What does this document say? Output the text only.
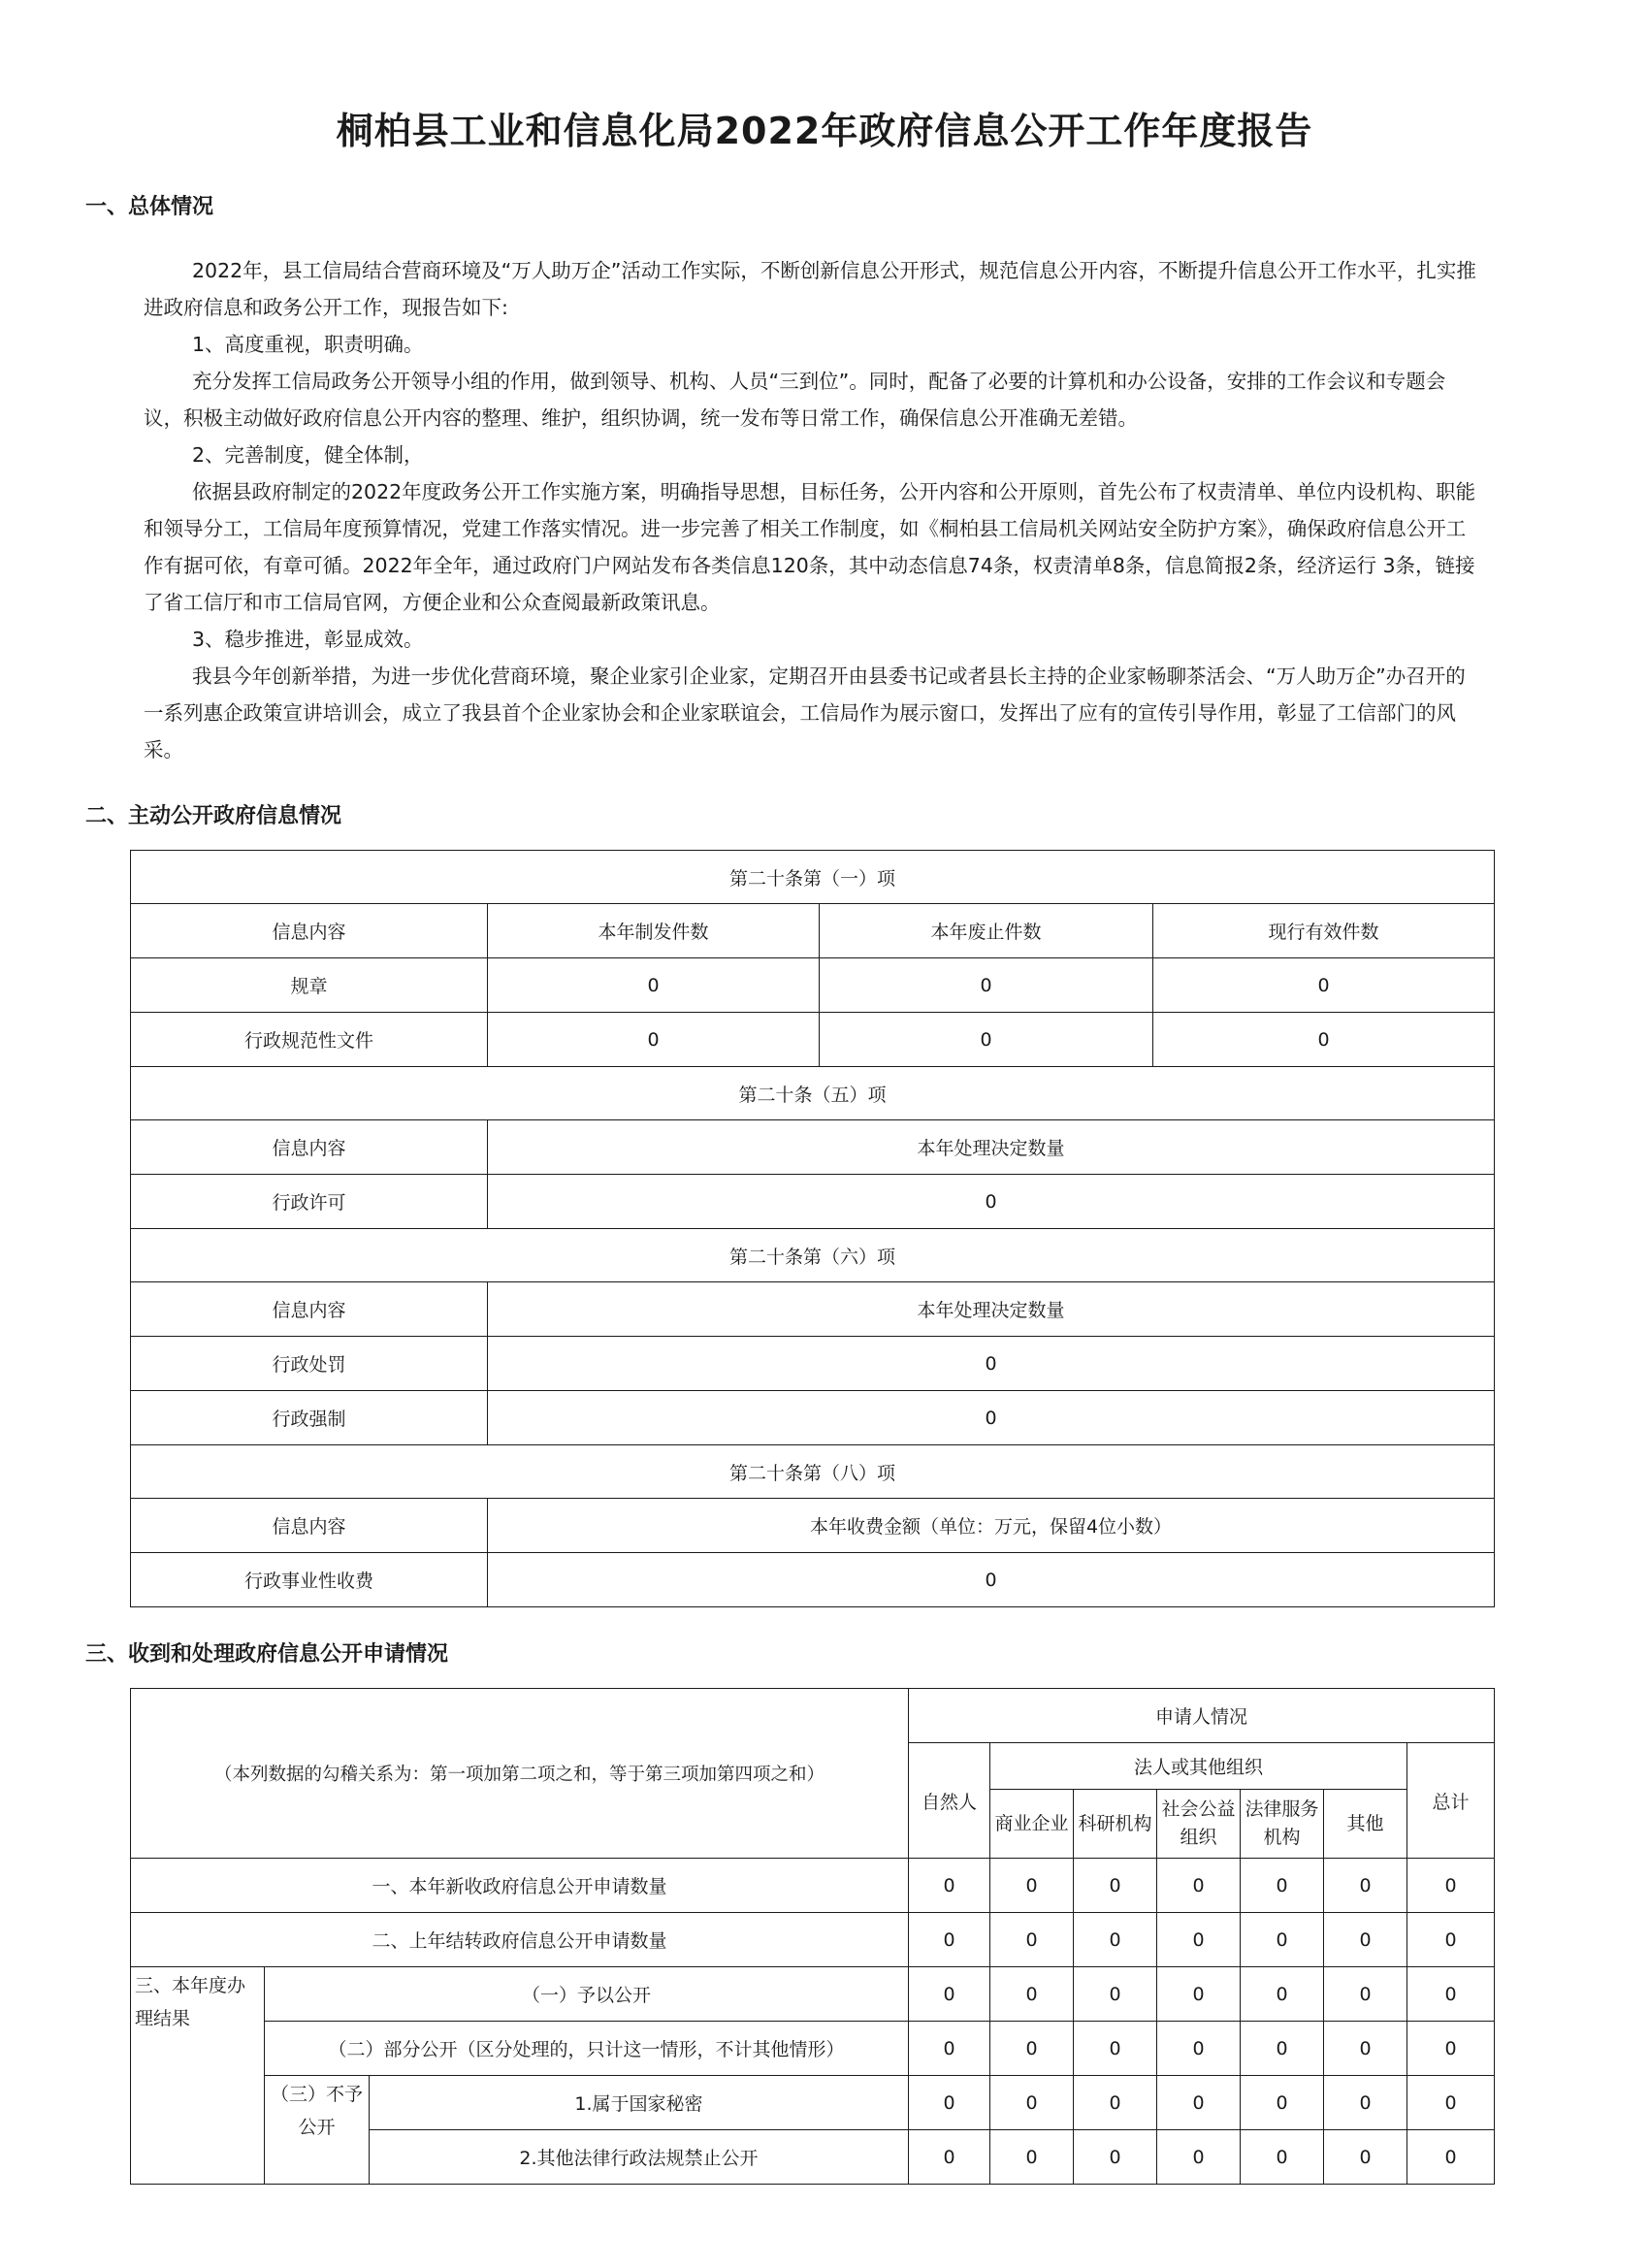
桐柏县工业和信息化局2022年政府信息公开工作年度报告
一、总体情况

2022年，县工信局结合营商环境及“万人助万企”活动工作实际，不断创新信息公开形式，规范信息公开内容，不断提升信息公开工作水平，扎实推进政府信息和政务公开工作，现报告如下:

1、高度重视，职责明确。

充分发挥工信局政务公开领导小组的作用，做到领导、机构、人员“三到位”。同时，配备了必要的计算机和办公设备，安排的工作会议和专题会议，积极主动做好政府信息公开内容的整理、维护，组织协调，统一发布等日常工作，确保信息公开准确无差错。

2、完善制度，健全体制，

依据县政府制定的2022年度政务公开工作实施方案，明确指导思想，目标任务，公开内容和公开原则，首先公布了权责清单、单位内设机构、职能和领导分工，工信局年度预算情况，党建工作落实情况。进一步完善了相关工作制度，如《桐柏县工信局机关网站安全防护方案》，确保政府信息公开工作有据可依，有章可循。2022年全年，通过政府门户网站发布各类信息120条，其中动态信息74条，权责清单8条，信息简报2条，经济运行 3条，链接了省工信厅和市工信局官网，方便企业和公众查阅最新政策讯息。

3、稳步推进，彰显成效。

我县今年创新举措，为进一步优化营商环境，聚企业家引企业家，定期召开由县委书记或者县长主持的企业家畅聊茶活会、“万人助万企”办召开的一系列惠企政策宣讲培训会，成立了我县首个企业家协会和企业家联谊会，工信局作为展示窗口，发挥出了应有的宣传引导作用，彰显了工信部门的风采。

二、主动公开政府信息情况
第二十条第（一）项			
信息内容	本年制发件数	本年废止件数	现行有效件数
规章	0	0	0
行政规范性文件	0	0	0
第二十条（五）项			
信息内容	本年处理决定数量		
行政许可	0		
第二十条第（六）项			
信息内容	本年处理决定数量		
行政处罚	0		
行政强制	0		
第二十条第（八）项			
信息内容	本年收费金额（单位：万元，保留4位小数）		
行政事业性收费	0		
三、收到和处理政府信息公开申请情况
（本列数据的勾稽关系为：第一项加第二项之和，等于第三项加第四项之和）			申请人情况						
			自然人	法人或其他组织					总计
				商业企业	科研机构	社会公益组织	法律服务机构	其他	
一、本年新收政府信息公开申请数量			0	0	0	0	0	0	0
二、上年结转政府信息公开申请数量			0	0	0	0	0	0	0
三、本年度办理结果	（一）予以公开		0	0	0	0	0	0	0
	（二）部分公开（区分处理的，只计这一情形，不计其他情形）		0	0	0	0	0	0	0
	（三）不予公开	1.属于国家秘密	0	0	0	0	0	0	0
		2.其他法律行政法规禁止公开	0	0	0	0	0	0	0
